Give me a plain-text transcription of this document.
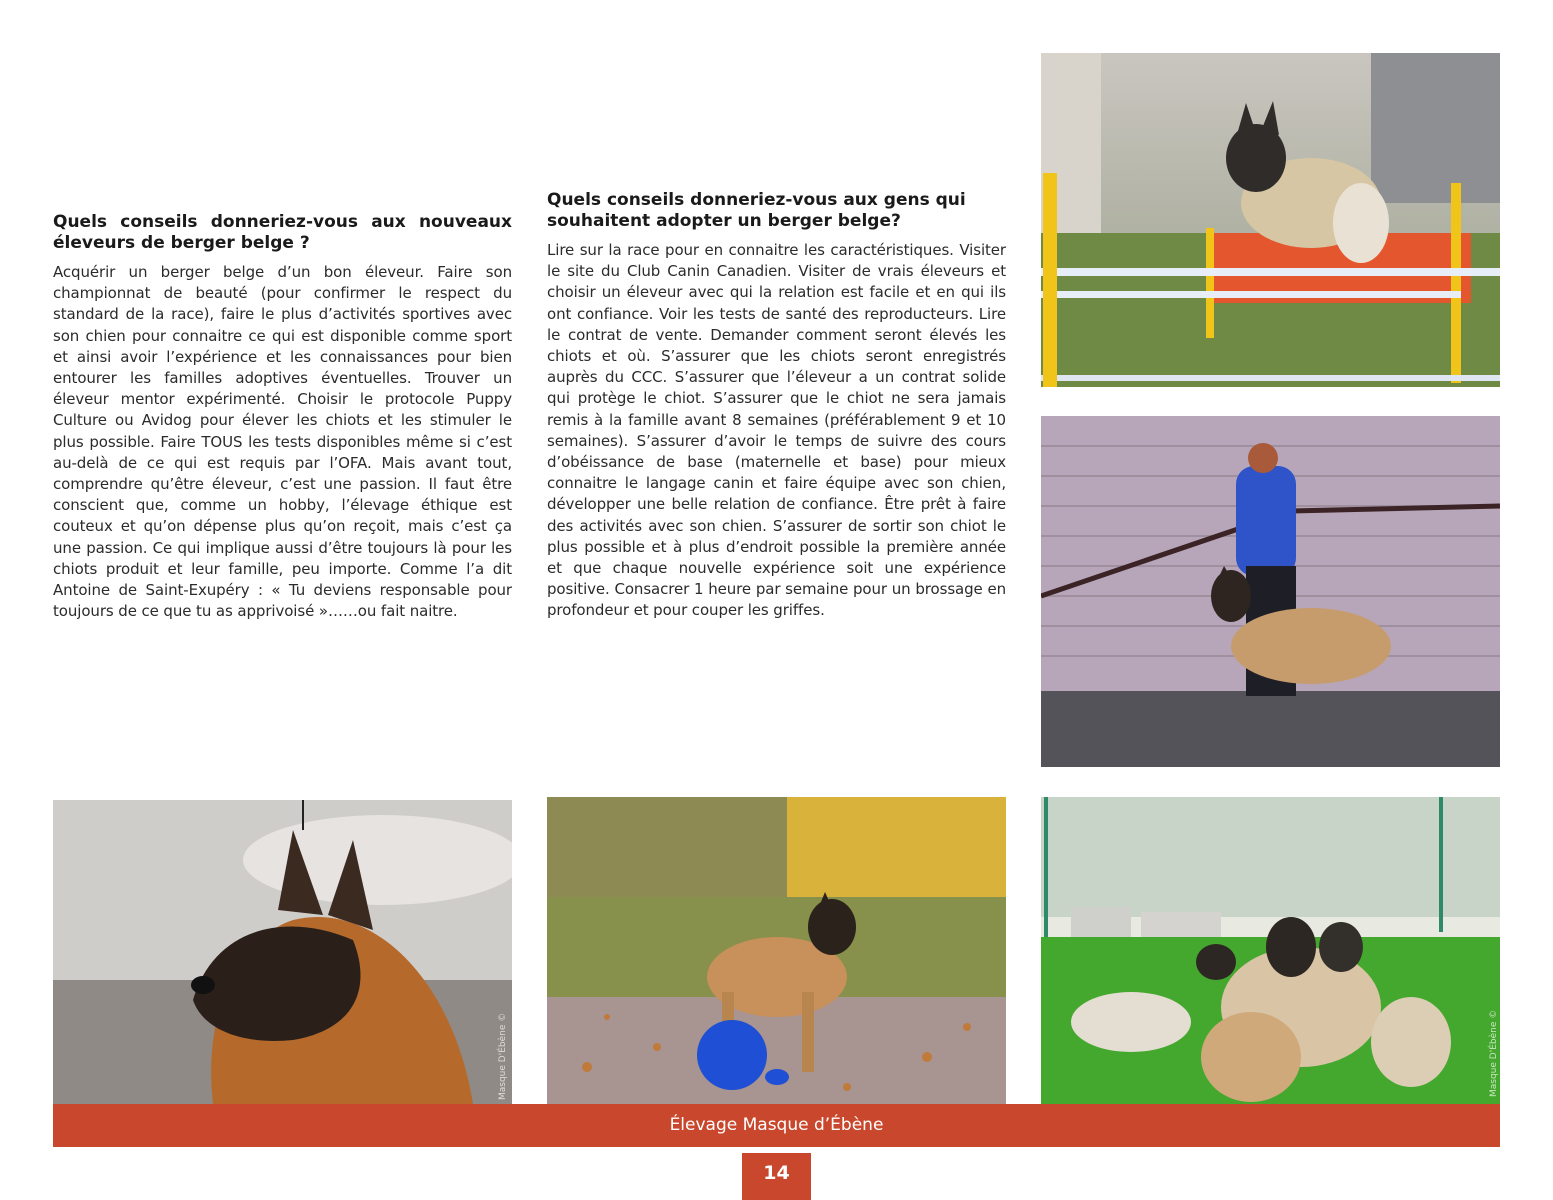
Quels conseils donneriez-vous aux nouveaux éleveurs de berger belge ?

Acquérir un berger belge d’un bon éleveur. Faire son championnat de beauté (pour confirmer le respect du standard de la race), faire le plus d’activités sportives avec son chien pour connaitre ce qui est disponible comme sport et ainsi avoir l’expérience et les connaissances pour bien entourer les familles adoptives éventuelles. Trouver un éleveur mentor expérimenté. Choisir le protocole Puppy Culture ou Avidog pour élever les chiots et les stimuler le plus possible. Faire TOUS les tests disponibles même si c’est au-delà de ce qui est requis par l’OFA. Mais avant tout, comprendre qu’être éleveur, c’est une passion. Il faut être conscient que, comme un hobby, l’élevage éthique est couteux et qu’on dépense plus qu’on reçoit, mais c’est ça une passion. Ce qui implique aussi d’être toujours là pour les chiots produit et leur famille, peu importe. Comme l’a dit Antoine de Saint-Exupéry : « Tu deviens responsable pour toujours de ce que tu as apprivoisé »……ou fait naitre.

Quels conseils donneriez-vous aux gens qui souhaitent adopter un berger belge?

Lire sur la race pour en connaitre les caractéristiques. Visiter le site du Club Canin Canadien. Visiter de vrais éleveurs et choisir un éleveur avec qui la relation est facile et en qui ils ont confiance. Voir les tests de santé des reproducteurs. Lire le contrat de vente. Demander comment seront élevés les chiots et où. S’assurer que les chiots seront enregistrés auprès du CCC. S’assurer que l’éleveur a un contrat solide qui protège le chiot. S’assurer que le chiot ne sera jamais remis à la famille avant 8 semaines (préférablement 9 et 10 semaines). S’assurer d’avoir le temps de suivre des cours d’obéissance de base (maternelle et base) pour mieux connaitre le langage canin et faire équipe avec son chien, développer une belle relation de confiance. Être prêt à faire des activités avec son chien. S’assurer de sortir son chiot le plus possible et à plus d’endroit possible la première année et que chaque nouvelle expérience soit une expérience positive. Consacrer 1 heure par semaine pour un brossage en profondeur et pour couper les griffes.

Masque D'Ébène ©	Masque D'Ébène ©
Élevage Masque d’Ébène
14
